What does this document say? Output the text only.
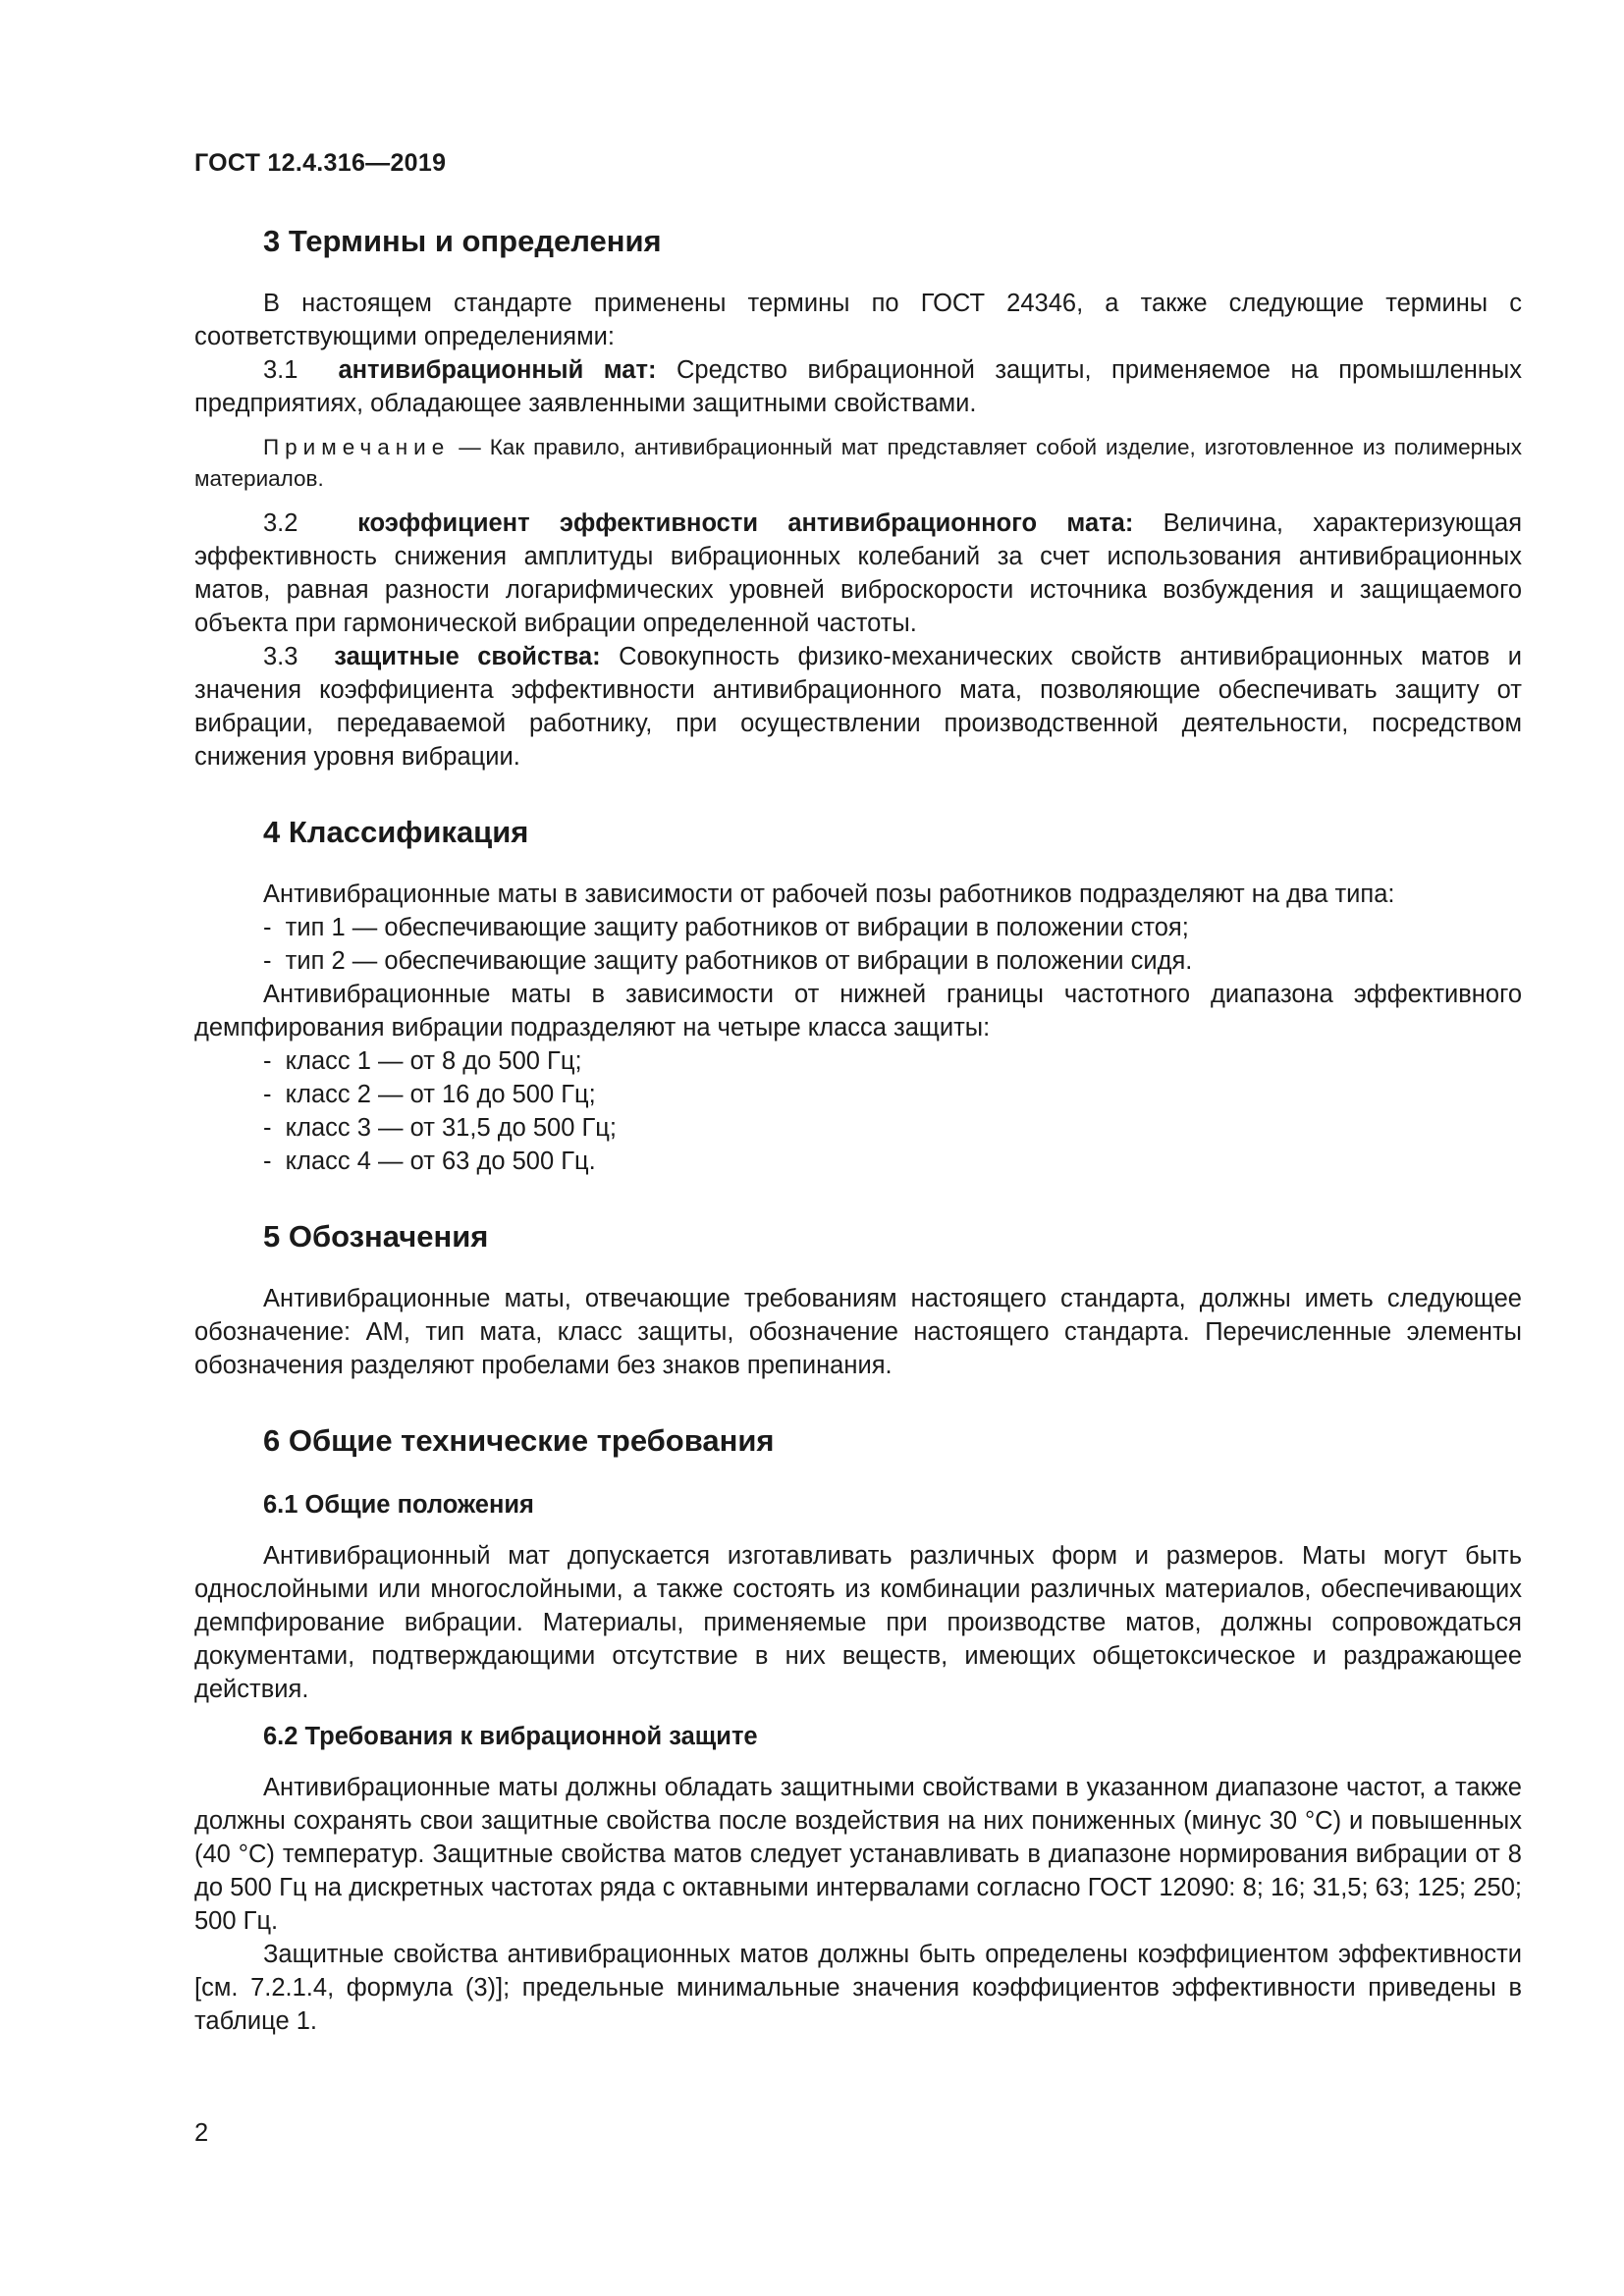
ГОСТ 12.4.316—2019
3 Термины и определения

В настоящем стандарте применены термины по ГОСТ 24346, а также следующие термины с соответствующими определениями:

3.1 антивибрационный мат: Средство вибрационной защиты, применяемое на промышленных предприятиях, обладающее заявленными защитными свойствами.

Примечание — Как правило, антивибрационный мат представляет собой изделие, изготовленное из полимерных материалов.

3.2 коэффициент эффективности антивибрационного мата: Величина, характеризующая эффективность снижения амплитуды вибрационных колебаний за счет использования антивибрационных матов, равная разности логарифмических уровней виброскорости источника возбуждения и защищаемого объекта при гармонической вибрации определенной частоты.

3.3 защитные свойства: Совокупность физико-механических свойств антивибрационных матов и значения коэффициента эффективности антивибрационного мата, позволяющие обеспечивать защиту от вибрации, передаваемой работнику, при осуществлении производственной деятельности, посредством снижения уровня вибрации.

4 Классификация

Антивибрационные маты в зависимости от рабочей позы работников подразделяют на два типа:

-  тип 1 — обеспечивающие защиту работников от вибрации в положении стоя;
-  тип 2 — обеспечивающие защиту работников от вибрации в положении сидя.

Антивибрационные маты в зависимости от нижней границы частотного диапазона эффективного демпфирования вибрации подразделяют на четыре класса защиты:

-  класс 1 — от 8 до 500 Гц;
-  класс 2 — от 16 до 500 Гц;
-  класс 3 — от 31,5 до 500 Гц;
-  класс 4 — от 63 до 500 Гц.
5 Обозначения

Антивибрационные маты, отвечающие требованиям настоящего стандарта, должны иметь следующее обозначение: АМ, тип мата, класс защиты, обозначение настоящего стандарта. Перечисленные элементы обозначения разделяют пробелами без знаков препинания.

6 Общие технические требования
6.1 Общие положения

Антивибрационный мат допускается изготавливать различных форм и размеров. Маты могут быть однослойными или многослойными, а также состоять из комбинации различных материалов, обеспечивающих демпфирование вибрации. Материалы, применяемые при производстве матов, должны сопровождаться документами, подтверждающими отсутствие в них веществ, имеющих общетоксическое и раздражающее действия.

6.2 Требования к вибрационной защите

Антивибрационные маты должны обладать защитными свойствами в указанном диапазоне частот, а также должны сохранять свои защитные свойства после воздействия на них пониженных (минус 30 °С) и повышенных (40 °С) температур. Защитные свойства матов следует устанавливать в диапазоне нормирования вибрации от 8 до 500 Гц на дискретных частотах ряда с октавными интервалами согласно ГОСТ 12090: 8; 16; 31,5; 63; 125; 250; 500 Гц.

Защитные свойства антивибрационных матов должны быть определены коэффициентом эффективности [см. 7.2.1.4, формула (3)]; предельные минимальные значения коэффициентов эффективности приведены в таблице 1.

2
